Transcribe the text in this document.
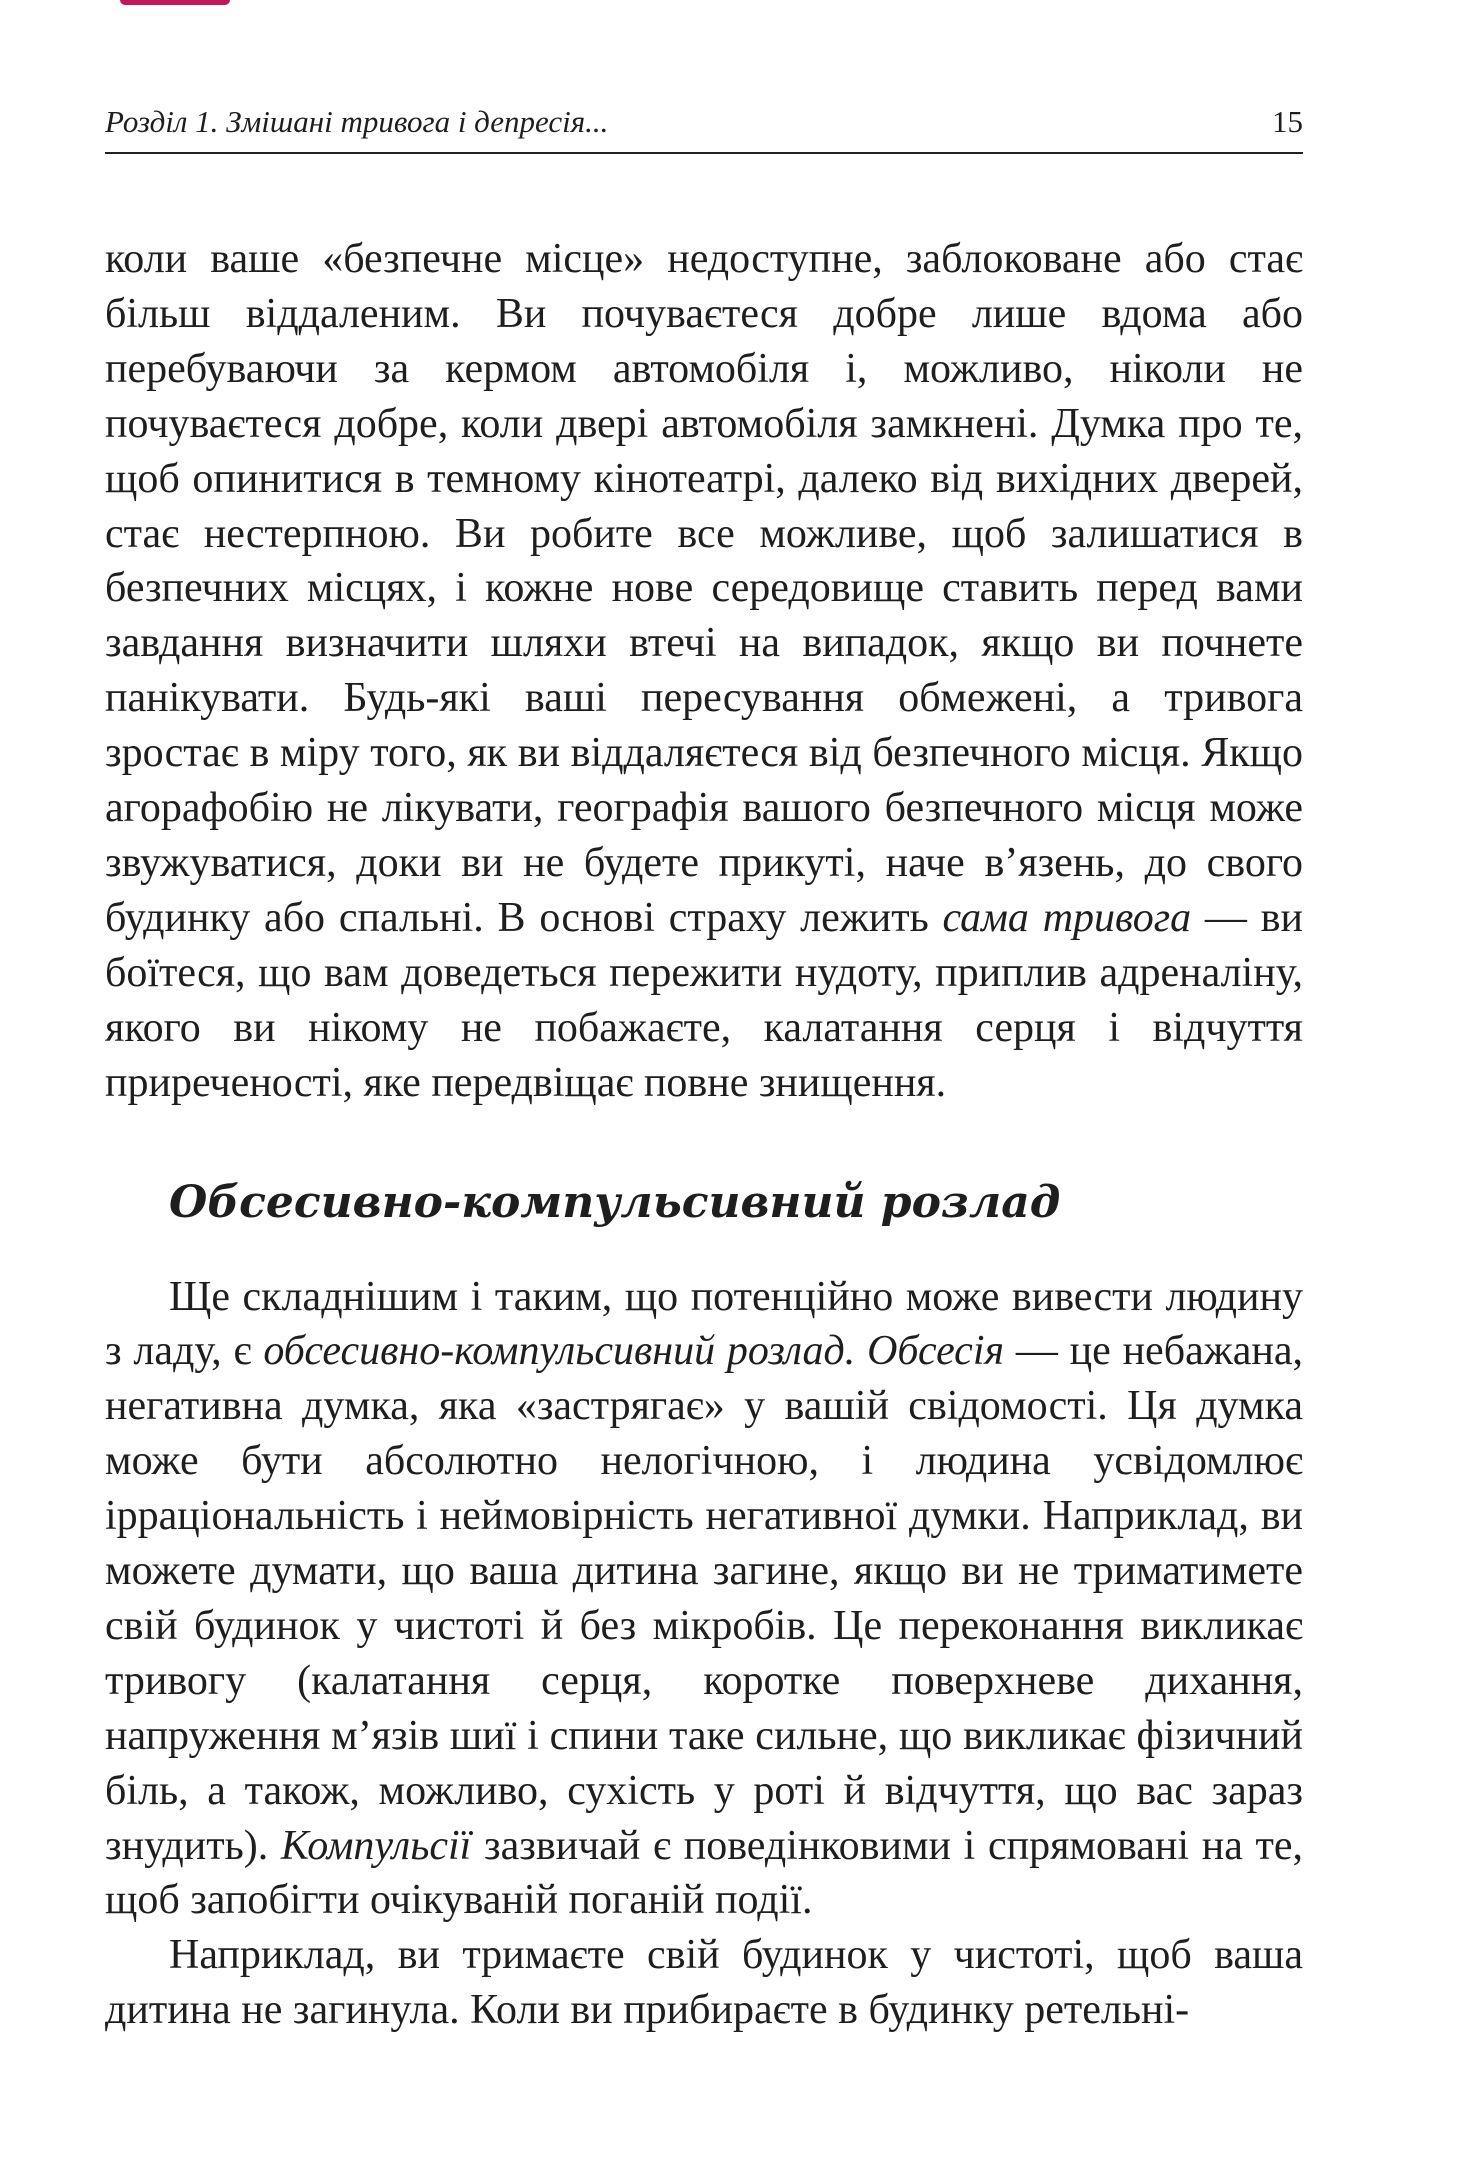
Розділ 1. Змішані тривога і депресія...	15

коли ваше «безпечне місце» недоступне, заблоковане або стає більш віддаленим. Ви почуваєтеся добре лише вдома або перебуваючи за кермом автомобіля і, можливо, ніколи не почуваєтеся добре, коли двері автомобіля замкнені. Думка про те, щоб опинитися в темному кінотеатрі, далеко від вихідних дверей, стає нестерпною. Ви робите все можливе, щоб залишатися в безпечних місцях, і кожне нове середовище ставить перед вами завдання визначити шляхи втечі на випадок, якщо ви почнете панікувати. Будь-які ваші пересування обмежені, а тривога зростає в міру того, як ви віддаляєтеся від безпечного місця. Якщо агорафобію не лікувати, географія вашого безпечного місця може звужуватися, доки ви не будете прикуті, наче в’язень, до свого будинку або спальні. В основі страху лежить сама тривога — ви боїтеся, що вам доведеться пережити нудоту, приплив адреналіну, якого ви нікому не побажаєте, калатання серця і відчуття приреченості, яке передвіщає повне знищення.

Обсесивно-компульсивний розлад

Ще складнішим і таким, що потенційно може вивести людину з ладу, є обсесивно-компульсивний розлад. Обсесія — це небажана, негативна думка, яка «застрягає» у вашій свідомості. Ця думка може бути абсолютно нелогічною, і людина усвідомлює ірраціональність і неймовірність негативної думки. Наприклад, ви можете думати, що ваша дитина загине, якщо ви не триматимете свій будинок у чистоті й без мікробів. Це переконання викликає тривогу (калатання серця, коротке поверхневе дихання, напруження м’язів шиї і спини таке сильне, що викликає фізичний біль, а також, можливо, сухість у роті й відчуття, що вас зараз знудить). Компульсії зазвичай є поведінковими і спрямовані на те, щоб запобігти очікуваній поганій події.

Наприклад, ви тримаєте свій будинок у чистоті, щоб ваша дитина не загинула. Коли ви прибираєте в будинку ретельні-
